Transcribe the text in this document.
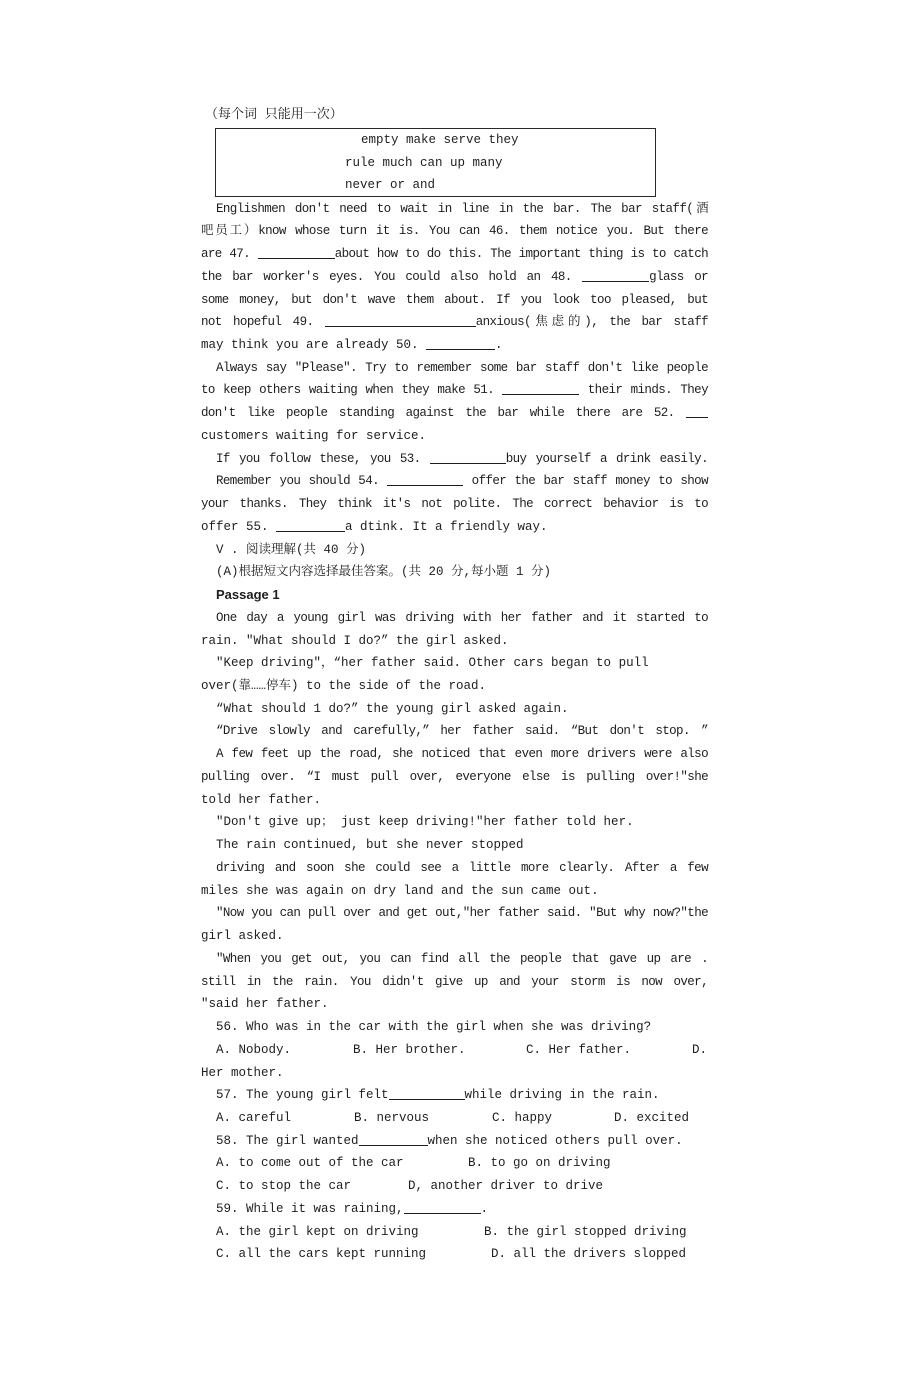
（每个词 只能用一次）
empty make serve they
rule much can up many
never or and
Englishmen don't need to wait in line in the bar. The bar staff(酒
吧员工）know whose turn it is. You can 46. them notice you. But there
are 47.	about how to do this. The important thing is to catch
the bar worker's eyes. You could also hold an 48.	glass or
some money, but don't wave them about. If you look too pleased, but
not hopeful 49.	anxious(焦虑的), the bar staff
may think you are already 50.	.
Always say "Please". Try to remember some bar staff don't like people
to keep others waiting when they make 51.	their minds. They
don't like people standing against the bar while there are 52.
customers waiting for service.
If you follow these, you 53.	buy yourself a drink easily.
Remember you should 54.	offer the bar staff money to show
your thanks. They think it's not polite. The correct behavior is to
offer 55.	a dtink. It a friendly way.
V . 阅读理解(共 40 分)
(A)根据短文内容选择最佳答案。(共 20 分,每小题 1 分)
Passage 1
One day a young girl was driving with her father and it started to
rain. "What should I do?” the girl asked.
"Keep driving"，“her father said. Other cars began to pull
over(靠……停车) to the side of the road.
“What should 1 do?” the young girl asked again.
“Drive slowly and carefully,” her father said. “But don't stop. ”
A few feet up the road, she noticed that even more drivers were also
pulling over. “I must pull over, everyone else is pulling over!"she
told her father.
"Don't give up； just keep driving!"her father told her.
The rain continued, but she never stopped
driving and soon she could see a little more clearly. After a few
miles she was again on dry land and the sun came out.
"Now you can pull over and get out,"her father said. "But why now?"the
girl asked.
"When you get out, you can find all the people that gave up are .
still in the rain. You didn't give up and your storm is now over,
"said her father.
56. Who was in the car with the girl when she was driving?
A. Nobody.	B. Her brother.	C. Her father.	D.
Her mother.
57. The young girl felt	while driving in the rain.
A. careful	B. nervous	C. happy	D. excited
58. The girl wanted	when she noticed others pull over.
A. to come out of the car	B. to go on driving
C. to stop the car	D, another driver to drive
59. While it was raining,	.
A. the girl kept on driving	B. the girl stopped driving
C. all the cars kept running	D. all the drivers slopped
